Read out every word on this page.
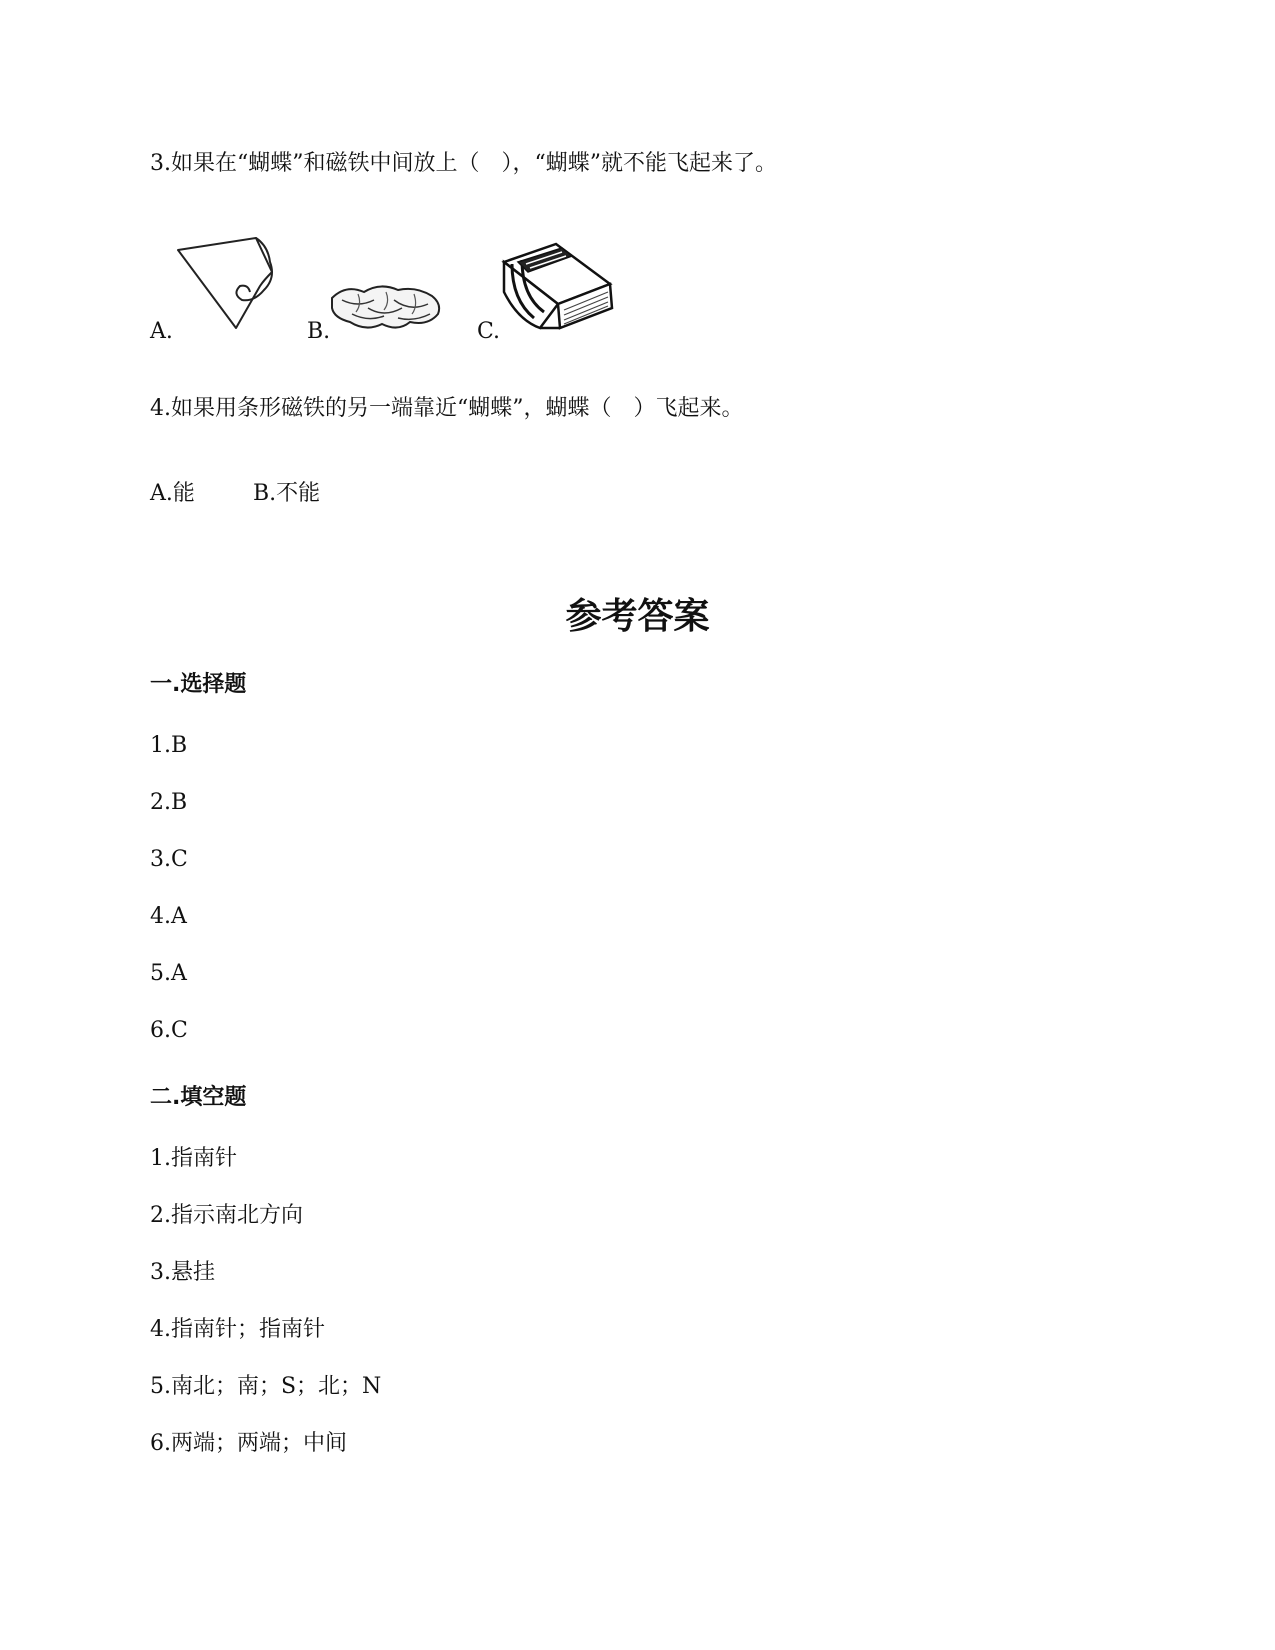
3.如果在“蝴蝶”和磁铁中间放上（　），“蝴蝶”就不能飞起来了。
A.	B.	C.
4.如果用条形磁铁的另一端靠近“蝴蝶”，蝴蝶（　）飞起来。
A.能	B.不能
参考答案
一.选择题
1.B
2.B
3.C
4.A
5.A
6.C
二.填空题
1.指南针
2.指示南北方向
3.悬挂
4.指南针；指南针
5.南北；南；S；北；N
6.两端；两端；中间
